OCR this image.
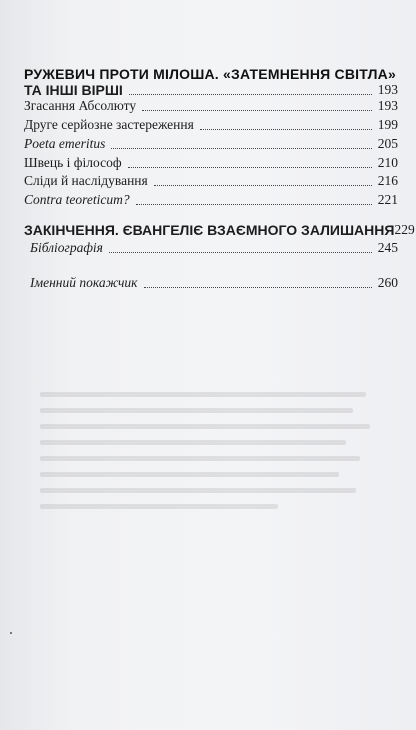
РУЖЕВИЧ ПРОТИ МІЛОША. «ЗАТЕМНЕННЯ СВІТЛА»
ТА ІНШІ ВІРШІ	193
Згасання Абсолюту	193
Друге серйозне застереження	199
Poeta emeritus	205
Швець і філософ	210
Сліди й наслідування	216
Contra teoreticum?	221
ЗАКІНЧЕННЯ. ЄВАНГЕЛІЄ ВЗАЄМНОГО ЗАЛИШАННЯ 229
Бібліографія	245
Іменний покажчик	260
